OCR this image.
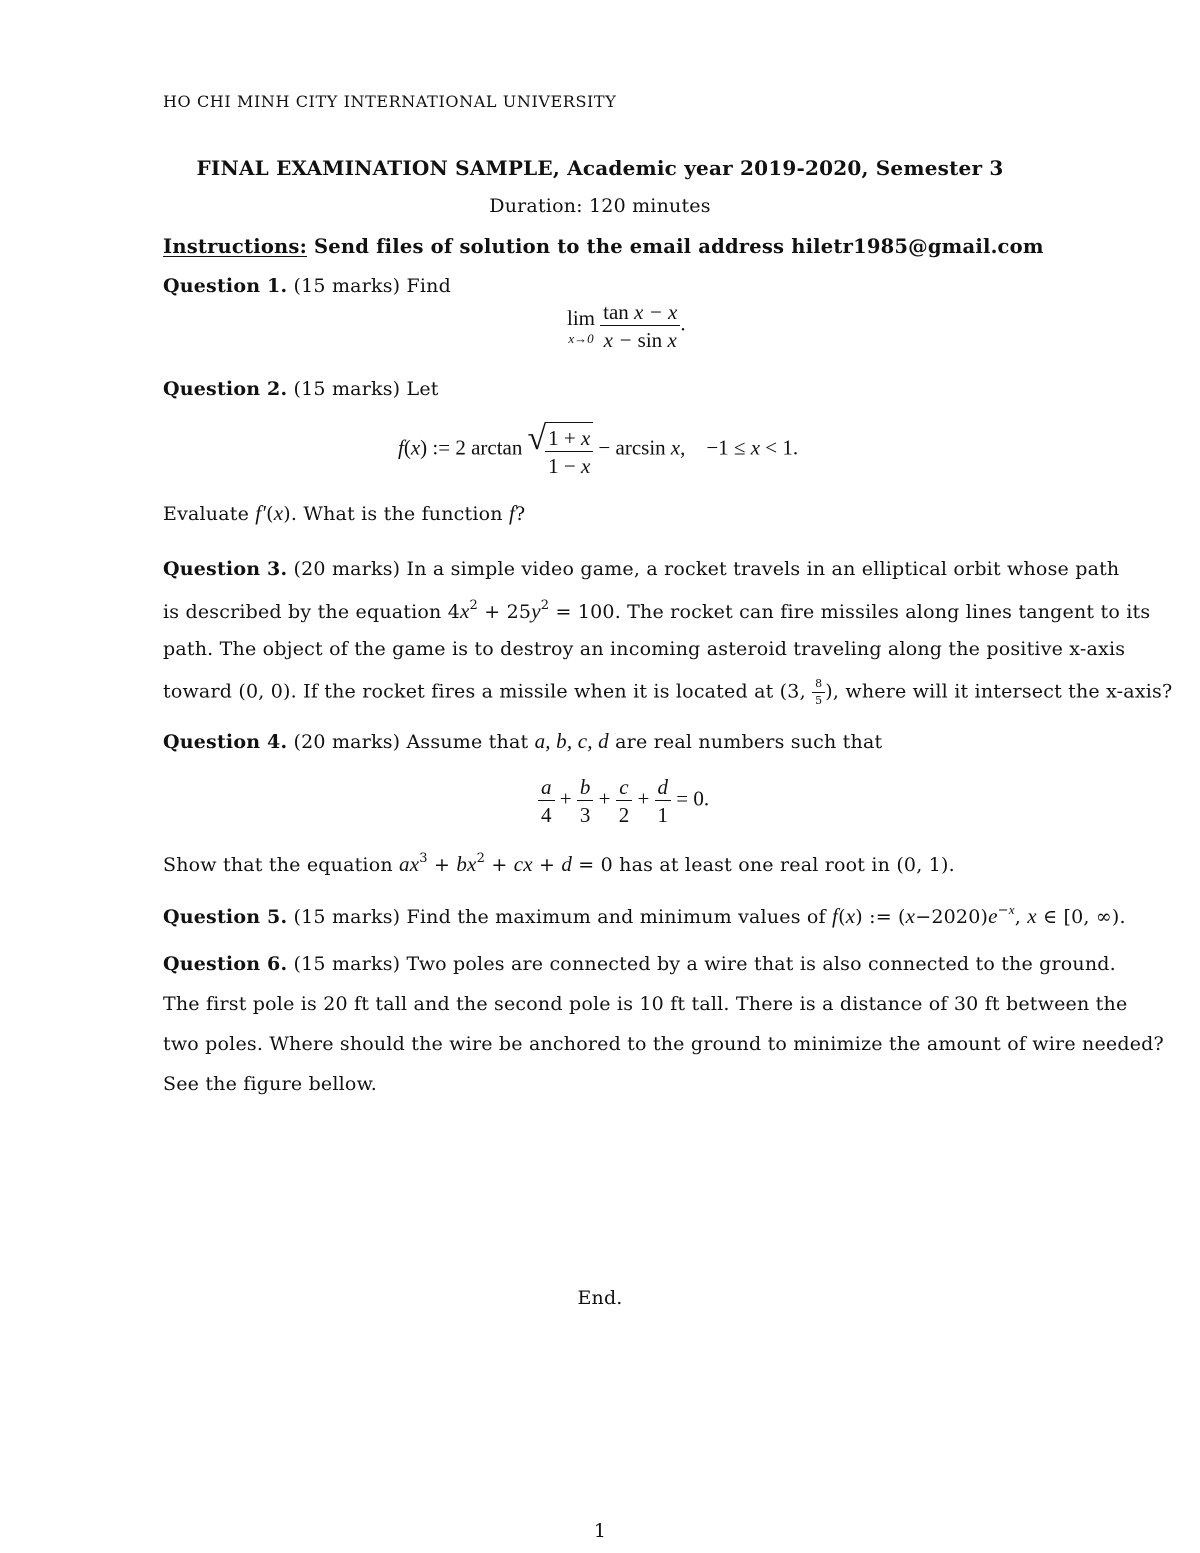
HO CHI MINH CITY INTERNATIONAL UNIVERSITY
FINAL EXAMINATION SAMPLE, Academic year 2019-2020, Semester 3
Duration: 120 minutes
Instructions: Send files of solution to the email address hiletr1985@gmail.com
Question 1. (15 marks) Find
lim
x→0
$\frac{\text{tan x − x}}{\text{x − sin x}}$ .
Question 2. (15 marks) Let
f(x) := 2 arctan √ $\frac{1 + x}{1 - x} - \arcsin x$,    −1 ≤ x < 1.
Evaluate f′(x). What is the function f?
Question 3. (20 marks) In a simple video game, a rocket travels in an elliptical orbit whose path
is described by the equation $4x^2 + 25y^2 = 100$. The rocket can fire missiles along lines tangent to its
path. The object of the game is to destroy an incoming asteroid traveling along the positive x-axis
toward (0, 0). If the rocket fires a missile when it is located at (3, $\frac{8}{5}$ ), where will it intersect the x-axis?
Question 4. (20 marks) Assume that a, b, c, d are real numbers such that
$\frac{a}{4} + \frac{b}{3} + \frac{c}{2} + \frac{d}{1} = 0$.
Show that the equation $ax^3 + bx^2$ + cx + d = 0 has at least one real root in (0, 1).
Question 5. (15 marks) Find the maximum and minimum values of f(x) := $(x-2020)e^{-x}$, x ∈ [0, ∞).
Question 6. (15 marks) Two poles are connected by a wire that is also connected to the ground.
The first pole is 20 ft tall and the second pole is 10 ft tall. There is a distance of 30 ft between the
two poles. Where should the wire be anchored to the ground to minimize the amount of wire needed?
See the figure bellow.
End.
1
